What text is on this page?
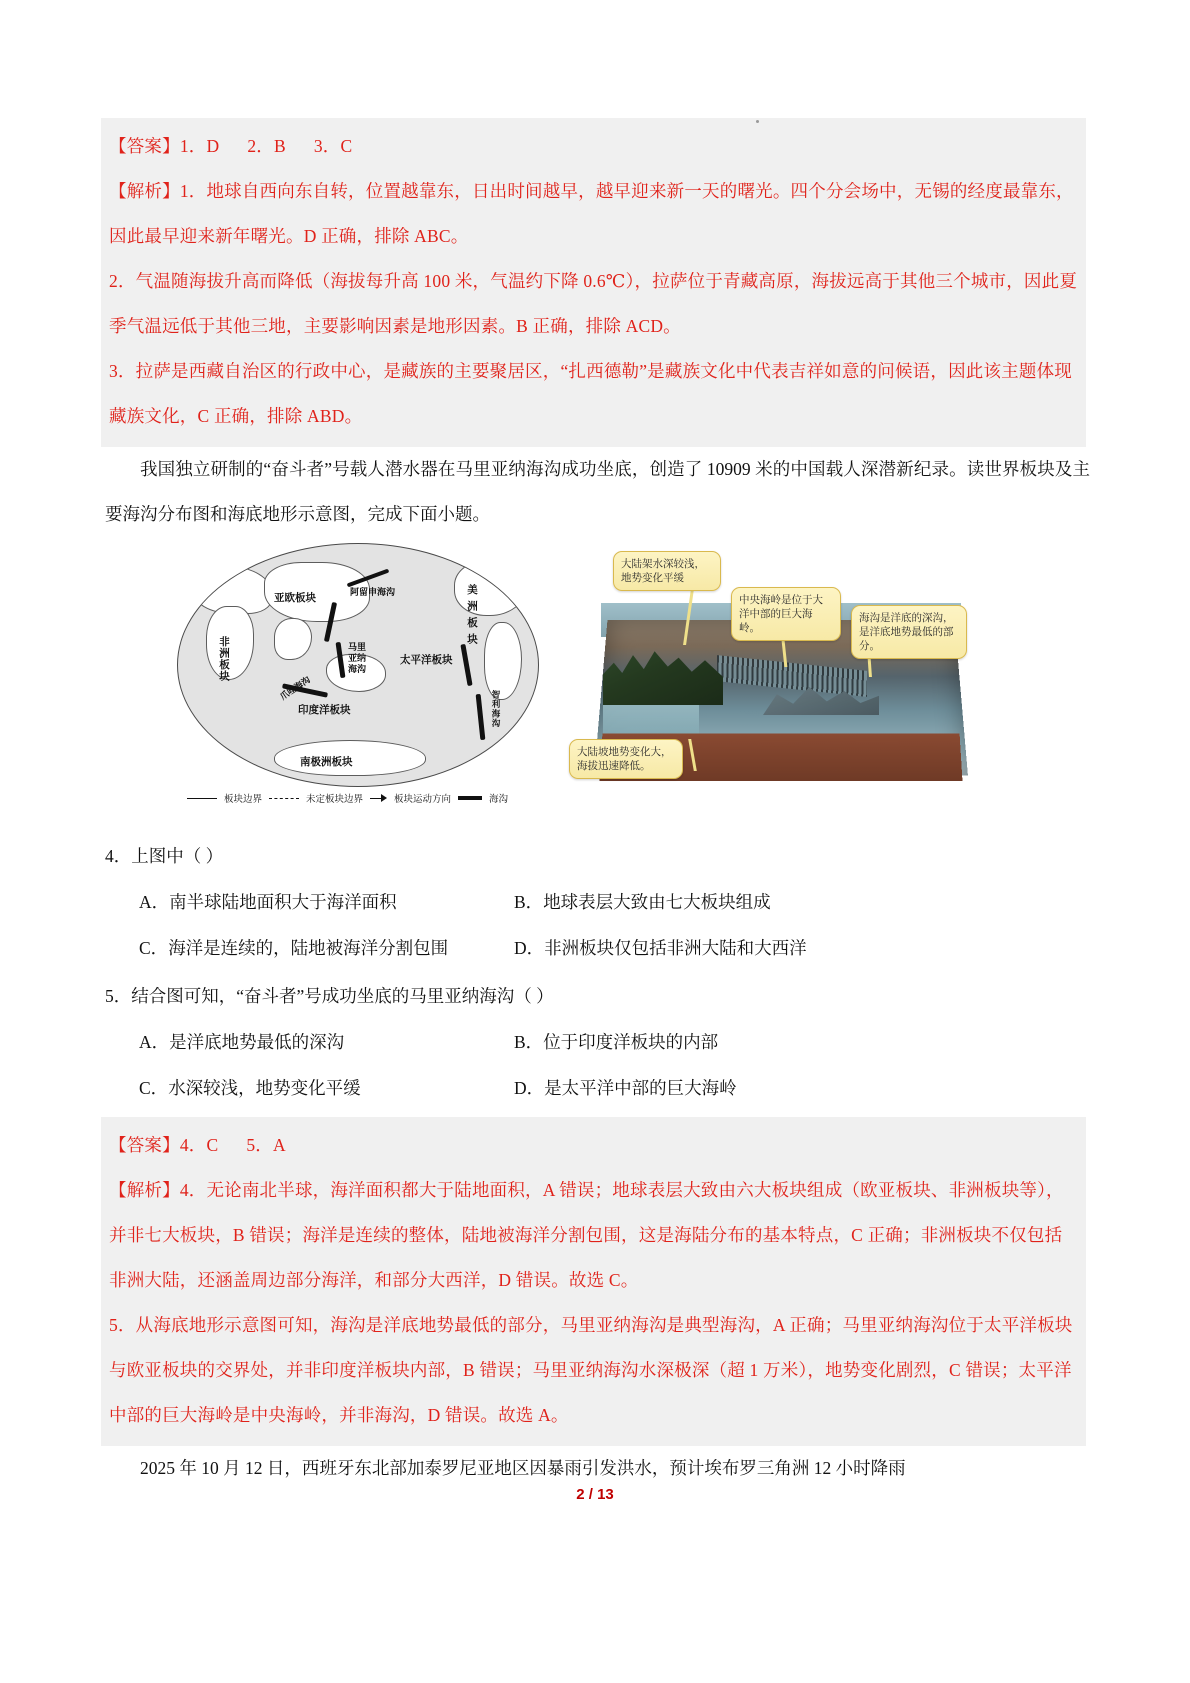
【答案】1．D 2．B 3．C

【解析】1．地球自西向东自转，位置越靠东，日出时间越早，越早迎来新一天的曙光。四个分会场中，无锡的经度最靠东，因此最早迎来新年曙光。D 正确，排除 ABC。

2．气温随海拔升高而降低（海拔每升高 100 米，气温约下降 0.6℃），拉萨位于青藏高原，海拔远高于其他三个城市，因此夏季气温远低于其他三地，主要影响因素是地形因素。B 正确，排除 ACD。

3．拉萨是西藏自治区的行政中心，是藏族的主要聚居区，“扎西德勒”是藏族文化中代表吉祥如意的问候语，因此该主题体现藏族文化，C 正确，排除 ABD。

我国独立研制的“奋斗者”号载人潜水器在马里亚纳海沟成功坐底，创造了 10909 米的中国载人深潜新纪录。读世界板块及主要海沟分布图和海底地形示意图，完成下面小题。
亚欧板块
非洲板块
印度洋板块
太平洋板块
美洲板块
南极洲板块
阿留申海沟
马里亚纳海沟
爪哇海沟
智利海沟
板块边界	未定板块边界	板块运动方向	海沟
大陆架水深较浅，地势变化平缓
中央海岭是位于大洋中部的巨大海岭。
海沟是洋底的深沟，是洋底地势最低的部分。
大陆坡地势变化大，海拔迅速降低。
4．上图中（ ）
A．南半球陆地面积大于海洋面积	B．地球表层大致由七大板块组成
C．海洋是连续的，陆地被海洋分割包围	D．非洲板块仅包括非洲大陆和大西洋
5．结合图可知，“奋斗者”号成功坐底的马里亚纳海沟（ ）
A．是洋底地势最低的深沟	B．位于印度洋板块的内部
C．水深较浅，地势变化平缓	D．是太平洋中部的巨大海岭

【答案】4．C 5．A

【解析】4．无论南北半球，海洋面积都大于陆地面积，A 错误；地球表层大致由六大板块组成（欧亚板块、非洲板块等），并非七大板块，B 错误；海洋是连续的整体，陆地被海洋分割包围，这是海陆分布的基本特点，C 正确；非洲板块不仅包括非洲大陆，还涵盖周边部分海洋，和部分大西洋，D 错误。故选 C。

5．从海底地形示意图可知，海沟是洋底地势最低的部分，马里亚纳海沟是典型海沟，A 正确；马里亚纳海沟位于太平洋板块与欧亚板块的交界处，并非印度洋板块内部，B 错误；马里亚纳海沟水深极深（超 1 万米），地势变化剧烈，C 错误；太平洋中部的巨大海岭是中央海岭，并非海沟，D 错误。故选 A。

2025 年 10 月 12 日，西班牙东北部加泰罗尼亚地区因暴雨引发洪水，预计埃布罗三角洲 12 小时降雨
2 / 13
